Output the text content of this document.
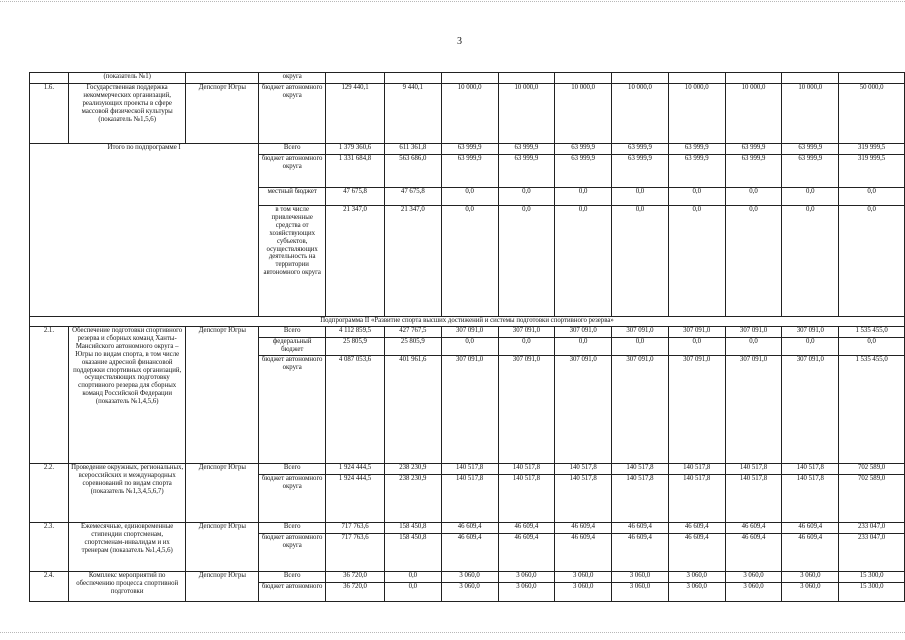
3
	(показатель №1)		округа										
1.6.	Государственная поддержка некоммерческих организаций, реализующих проекты в сфере массовой физической культуры (показатель №1,5,6)	Депспорт Югры	бюджет автономного округа	129 440,1	9 440,1	10 000,0	10 000,0	10 000,0	10 000,0	10 000,0	10 000,0	10 000,0	50 000,0
Итого по подпрограмме I			Всего	1 379 360,6	611 361,8	63 999,9	63 999,9	63 999,9	63 999,9	63 999,9	63 999,9	63 999,9	319 999,5
			бюджет автономного округа	1 331 684,8	563 686,0	63 999,9	63 999,9	63 999,9	63 999,9	63 999,9	63 999,9	63 999,9	319 999,5
			местный бюджет	47 675,8	47 675,8	0,0	0,0	0,0	0,0	0,0	0,0	0,0	0,0
			в том числе привлеченные средства от хозяйствующих субъектов, осуществляющих деятельность на территории автономного округа	21 347,0	21 347,0	0,0	0,0	0,0	0,0	0,0	0,0	0,0	0,0
Подпрограмма II «Развитие спорта высших достижений и системы подготовки спортивного резерва»													
2.1.	Обеспечение подготовки спортивного резерва и сборных команд Ханты-Мансийского автономного округа – Югры по видам спорта, в том числе оказание адресной финансовой поддержки спортивных организаций, осуществляющих подготовку спортивного резерва для сборных команд Российской Федерации (показатель №1,4,5,6)	Депспорт Югры	Всего	4 112 859,5	427 767,5	307 091,0	307 091,0	307 091,0	307 091,0	307 091,0	307 091,0	307 091,0	1 535 455,0
			федеральный бюджет	25 805,9	25 805,9	0,0	0,0	0,0	0,0	0,0	0,0	0,0	0,0
			бюджет автономного округа	4 087 053,6	401 961,6	307 091,0	307 091,0	307 091,0	307 091,0	307 091,0	307 091,0	307 091,0	1 535 455,0
2.2.	Проведение окружных, региональных, всероссийских и международных соревнований по видам спорта (показатель №1,3,4,5,6,7)	Депспорт Югры	Всего	1 924 444,5	238 230,9	140 517,8	140 517,8	140 517,8	140 517,8	140 517,8	140 517,8	140 517,8	702 589,0
			бюджет автономного округа	1 924 444,5	238 230,9	140 517,8	140 517,8	140 517,8	140 517,8	140 517,8	140 517,8	140 517,8	702 589,0
2.3.	Ежемесячные, единовременные стипендии спортсменам, спортсменам-инвалидам и их тренерам (показатель №1,4,5,6)	Депспорт Югры	Всего	717 763,6	158 450,8	46 609,4	46 609,4	46 609,4	46 609,4	46 609,4	46 609,4	46 609,4	233 047,0
			бюджет автономного округа	717 763,6	158 450,8	46 609,4	46 609,4	46 609,4	46 609,4	46 609,4	46 609,4	46 609,4	233 047,0
2.4.	Комплекс мероприятий по обеспечению процесса спортивной подготовки	Депспорт Югры	Всего	36 720,0	0,0	3 060,0	3 060,0	3 060,0	3 060,0	3 060,0	3 060,0	3 060,0	15 300,0
			бюджет автономного	36 720,0	0,0	3 060,0	3 060,0	3 060,0	3 060,0	3 060,0	3 060,0	3 060,0	15 300,0
